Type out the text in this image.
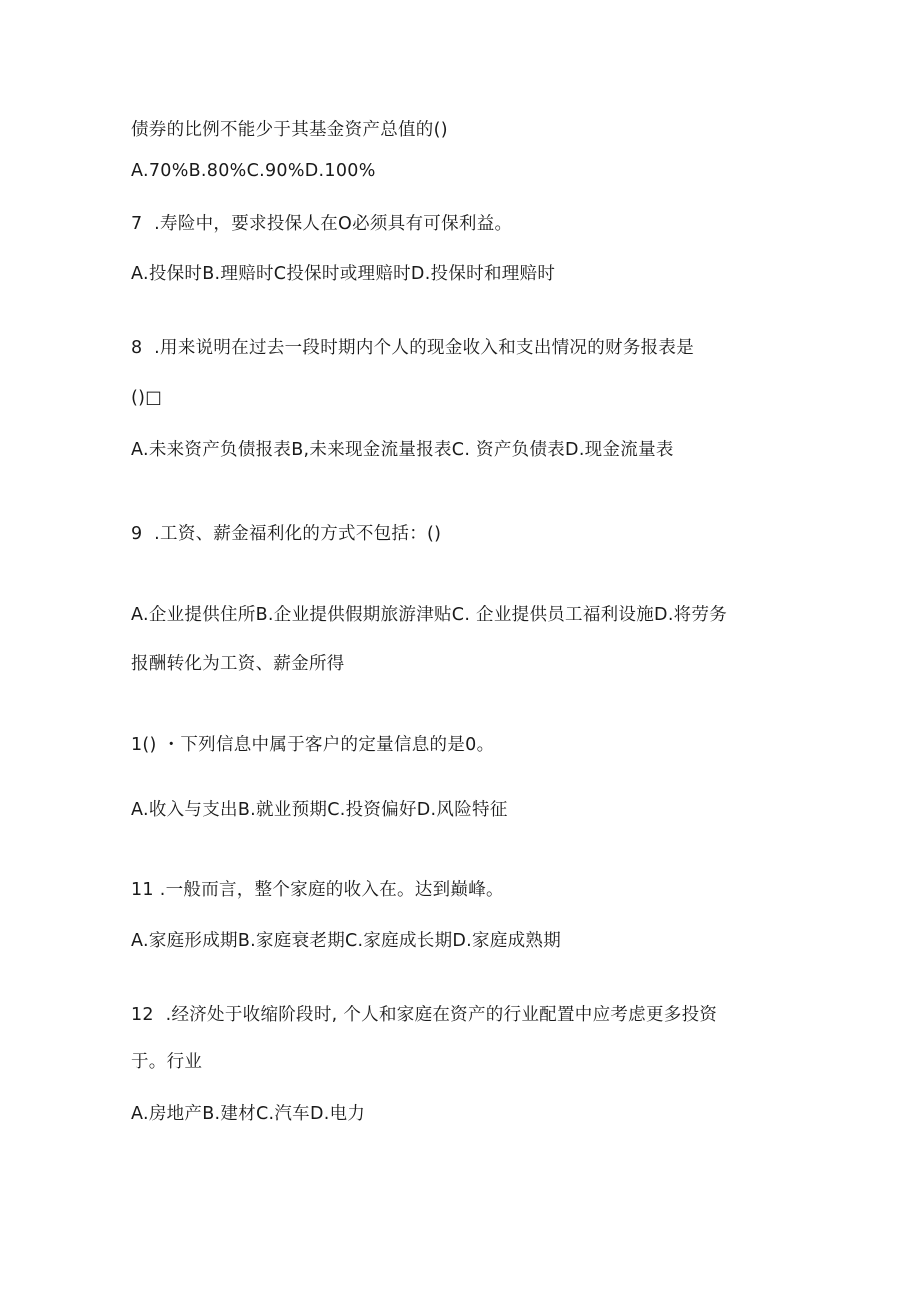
债券的比例不能少于其基金资产总值的()
A.70%B.80%C.90%D.100%
7  .寿险中，要求投保人在O必须具有可保利益。
A.投保时B.理赔时C投保时或理赔时D.投保时和理赔时
8  .用来说明在过去一段时期内个人的现金收入和支出情况的财务报表是
()□
A.未来资产负债报表B,未来现金流量报表C. 资产负债表D.现金流量表
9  .工资、薪金福利化的方式不包括：()
A.企业提供住所B.企业提供假期旅游津贴C. 企业提供员工福利设施D.将劳务
报酬转化为工资、薪金所得
1() ・下列信息中属于客户的定量信息的是0。
A.收入与支出B.就业预期C.投资偏好D.风险特征
11 .一般而言，整个家庭的收入在。达到巅峰。
A.家庭形成期B.家庭衰老期C.家庭成长期D.家庭成熟期
12  .经济处于收缩阶段时, 个人和家庭在资产的行业配置中应考虑更多投资
于。行业
A.房地产B.建材C.汽车D.电力
